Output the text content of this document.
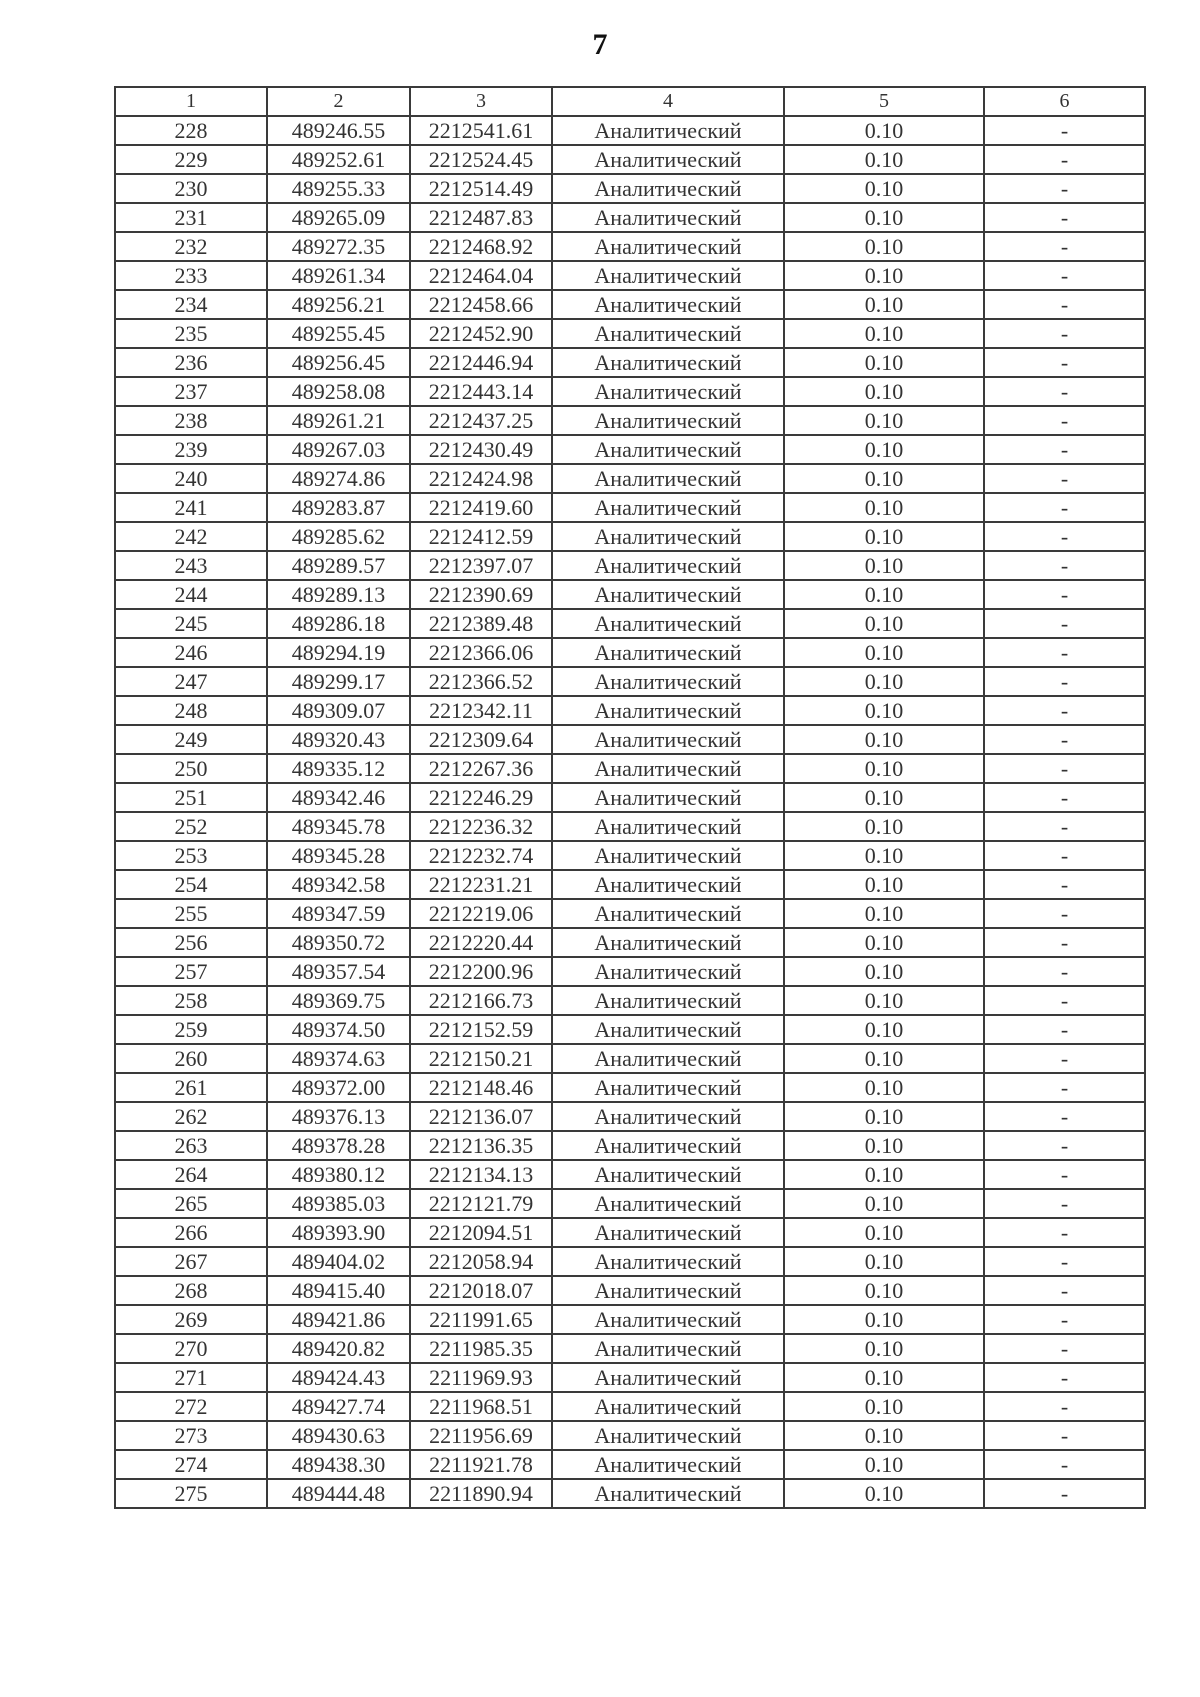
7
1	2	3	4	5	6
228	489246.55	2212541.61	Аналитический	0.10	-
229	489252.61	2212524.45	Аналитический	0.10	-
230	489255.33	2212514.49	Аналитический	0.10	-
231	489265.09	2212487.83	Аналитический	0.10	-
232	489272.35	2212468.92	Аналитический	0.10	-
233	489261.34	2212464.04	Аналитический	0.10	-
234	489256.21	2212458.66	Аналитический	0.10	-
235	489255.45	2212452.90	Аналитический	0.10	-
236	489256.45	2212446.94	Аналитический	0.10	-
237	489258.08	2212443.14	Аналитический	0.10	-
238	489261.21	2212437.25	Аналитический	0.10	-
239	489267.03	2212430.49	Аналитический	0.10	-
240	489274.86	2212424.98	Аналитический	0.10	-
241	489283.87	2212419.60	Аналитический	0.10	-
242	489285.62	2212412.59	Аналитический	0.10	-
243	489289.57	2212397.07	Аналитический	0.10	-
244	489289.13	2212390.69	Аналитический	0.10	-
245	489286.18	2212389.48	Аналитический	0.10	-
246	489294.19	2212366.06	Аналитический	0.10	-
247	489299.17	2212366.52	Аналитический	0.10	-
248	489309.07	2212342.11	Аналитический	0.10	-
249	489320.43	2212309.64	Аналитический	0.10	-
250	489335.12	2212267.36	Аналитический	0.10	-
251	489342.46	2212246.29	Аналитический	0.10	-
252	489345.78	2212236.32	Аналитический	0.10	-
253	489345.28	2212232.74	Аналитический	0.10	-
254	489342.58	2212231.21	Аналитический	0.10	-
255	489347.59	2212219.06	Аналитический	0.10	-
256	489350.72	2212220.44	Аналитический	0.10	-
257	489357.54	2212200.96	Аналитический	0.10	-
258	489369.75	2212166.73	Аналитический	0.10	-
259	489374.50	2212152.59	Аналитический	0.10	-
260	489374.63	2212150.21	Аналитический	0.10	-
261	489372.00	2212148.46	Аналитический	0.10	-
262	489376.13	2212136.07	Аналитический	0.10	-
263	489378.28	2212136.35	Аналитический	0.10	-
264	489380.12	2212134.13	Аналитический	0.10	-
265	489385.03	2212121.79	Аналитический	0.10	-
266	489393.90	2212094.51	Аналитический	0.10	-
267	489404.02	2212058.94	Аналитический	0.10	-
268	489415.40	2212018.07	Аналитический	0.10	-
269	489421.86	2211991.65	Аналитический	0.10	-
270	489420.82	2211985.35	Аналитический	0.10	-
271	489424.43	2211969.93	Аналитический	0.10	-
272	489427.74	2211968.51	Аналитический	0.10	-
273	489430.63	2211956.69	Аналитический	0.10	-
274	489438.30	2211921.78	Аналитический	0.10	-
275	489444.48	2211890.94	Аналитический	0.10	-
